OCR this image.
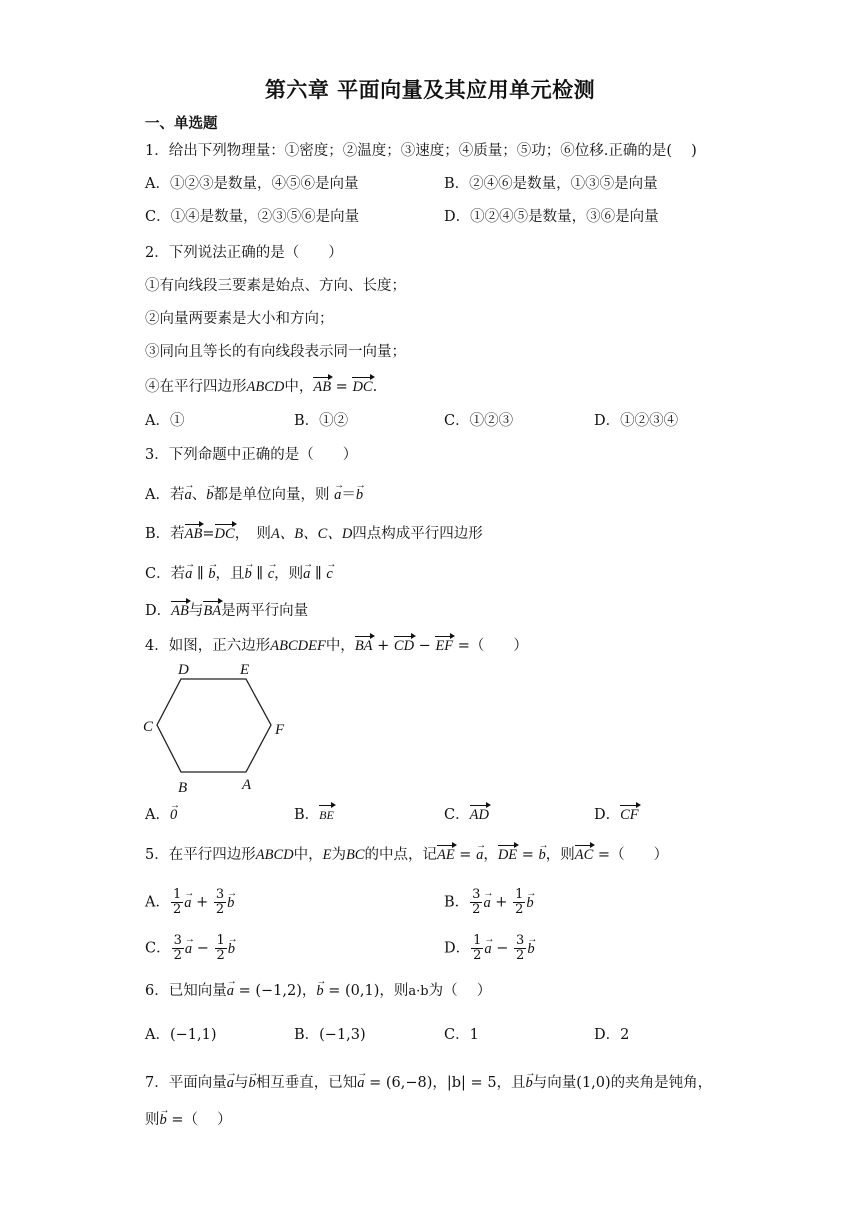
第六章 平面向量及其应用单元检测
一、单选题
1．给出下列物理量：①密度；②温度；③速度；④质量；⑤功；⑥位移.正确的是(　 )
A．①②③是数量，④⑤⑥是向量	B．②④⑥是数量，①③⑤是向量
C．①④是数量，②③⑤⑥是向量	D．①②④⑤是数量，③⑥是向量
2．下列说法正确的是（　　）
①有向线段三要素是始点、方向、长度；
②向量两要素是大小和方向；
③同向且等长的有向线段表示同一向量；
④在平行四边形ABCD中，AB = DC.
A．①	B．①②	C．①②③	D．①②③④
3．下列命题中正确的是（　　）
A．若
→
a、
→
b都是单位向量，则
→
a＝
→
b
B．若AB=DC，　则A、B、C、D四点构成平行四边形
C．若
→
a ∥
→
b，且
→
b ∥
→
c，则
→
a ∥
→
c
D．AB与BA是两平行向量
4．如图，正六边形ABCDEF中，BA + CD − EF =（　　）
D	E
C	F
B	A
A．
→
0	B．BE	C．AD	D．CF
5．在平行四边形ABCD中，E为BC的中点，记AE =
→
a，DE =
→
b，则AC =（　　）
A． $\frac{1}{2}$ →
$a + \frac{3}{2}$ →
b	B． $\frac{3}{2}$ →
$a + \frac{1}{2}$ →
b
C． $\frac{3}{2}$ →
$a - \frac{1}{2}$ →
b	D． $\frac{1}{2}$ →
$a - \frac{3}{2}$ →
b
6．已知向量
→
a = (−1,2)，
→
b = (0,1)，则a·b为（　 ）
A．(−1,1)	B．(−1,3)	C．1	D．2
7．平面向量
→
a与
→
b相互垂直，已知
→
a = (6,−8)，|b| = 5，且
→
b与向量(1,0)的夹角是钝角，
则
→
b =（　 ）
